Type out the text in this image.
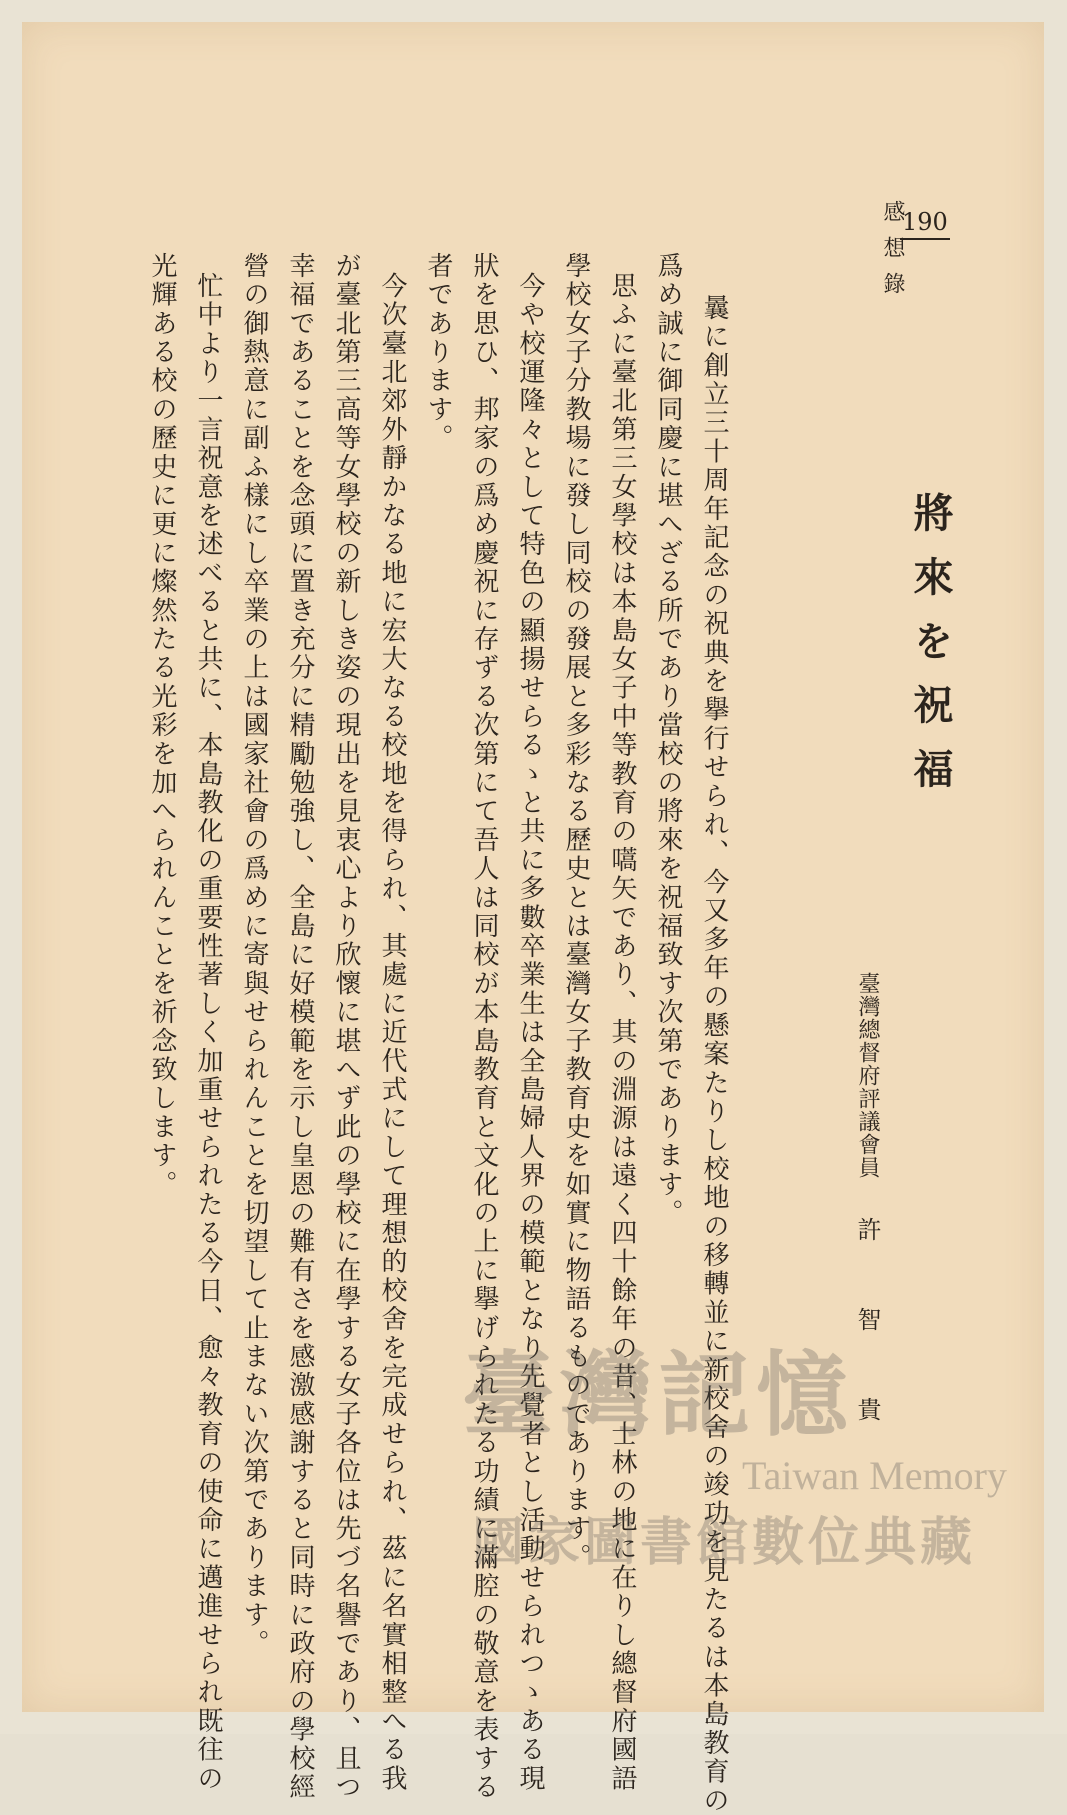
感想錄
190
將來を祝福
臺灣總督府評議會員
許智貴
曩に創立三十周年記念の祝典を擧行せられ、今又多年の懸案たりし校地の移轉並に新校舍の竣功を見たるは本島教育の
爲め誠に御同慶に堪へざる所であり當校の將來を祝福致す次第であります。
思ふに臺北第三女學校は本島女子中等教育の嚆矢であり、其の淵源は遠く四十餘年の昔、士林の地に在りし總督府國語
學校女子分教場に發し同校の發展と多彩なる歷史とは臺灣女子教育史を如實に物語るものであります。
今や校運隆々として特色の顯揚せらるゝと共に多數卒業生は全島婦人界の模範となり先覺者とし活動せられつゝある現
狀を思ひ、邦家の爲め慶祝に存ずる次第にて吾人は同校が本島教育と文化の上に擧げられたる功績に滿腔の敬意を表する
者であります。
今次臺北郊外靜かなる地に宏大なる校地を得られ、其處に近代式にして理想的校舍を完成せられ、茲に名實相整へる我
が臺北第三高等女學校の新しき姿の現出を見衷心より欣懷に堪へず此の學校に在學する女子各位は先づ名譽であり、且つ
幸福であることを念頭に置き充分に精勵勉強し、全島に好模範を示し皇恩の難有さを感激感謝すると同時に政府の學校經
營の御熱意に副ふ樣にし卒業の上は國家社會の爲めに寄與せられんことを切望して止まない次第であります。
忙中より一言祝意を述べると共に、本島教化の重要性著しく加重せられたる今日、愈々教育の使命に邁進せられ既往の
光輝ある校の歷史に更に燦然たる光彩を加へられんことを祈念致します。
臺灣記憶
Taiwan Memory
國家圖書館數位典藏
